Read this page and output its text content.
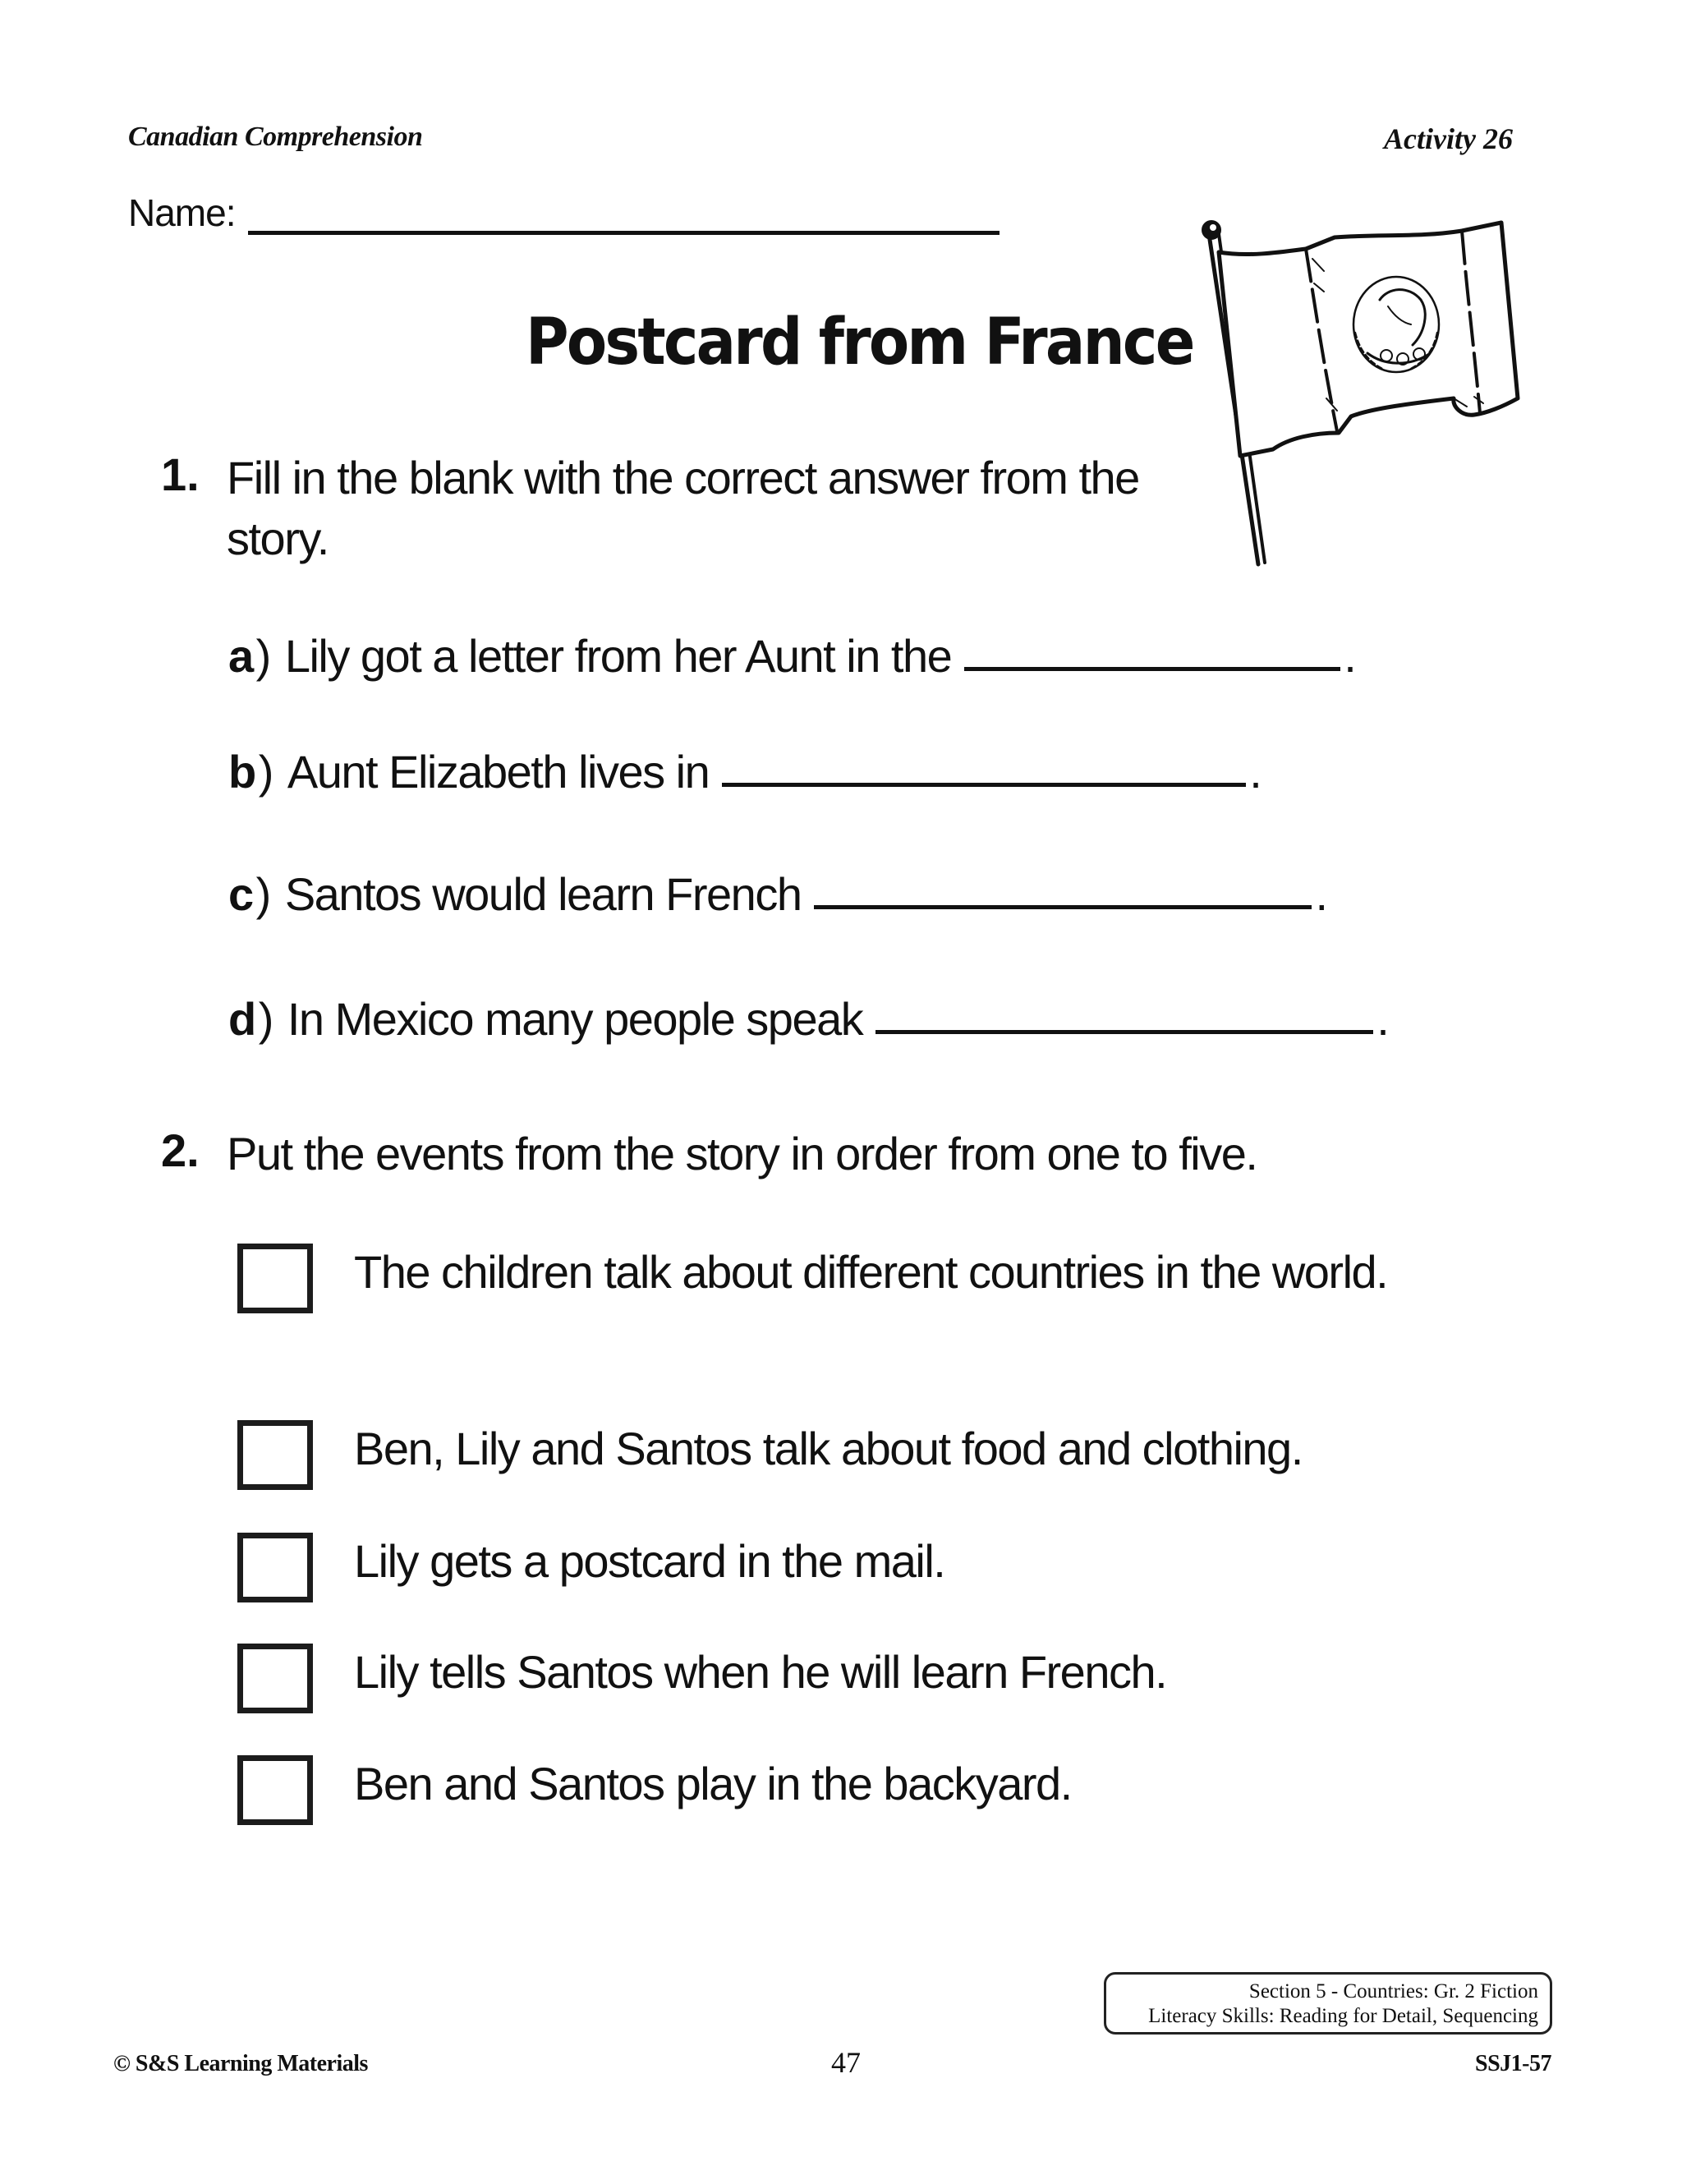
Canadian Comprehension	Activity 26
Name :
Postcard from France
1. Fill in the blank with the correct answer from the story.
a ) Lily got a letter from her Aunt in the	.
b ) Aunt Elizabeth lives in	.
c ) Santos would learn French	.
d ) In Mexico many people speak	.
2. Put the events from the story in order from one to five.
The children talk about different countries in the world.
Ben, Lily and Santos talk about food and clothing.
Lily gets a postcard in the mail.
Lily tells Santos when he will learn French.
Ben and Santos play in the backyard.
Section 5 - Countries: Gr. 2 Fiction
Literacy Skills: Reading for Detail, Sequencing
© S&S Learning Materials	47	SSJ1-57
